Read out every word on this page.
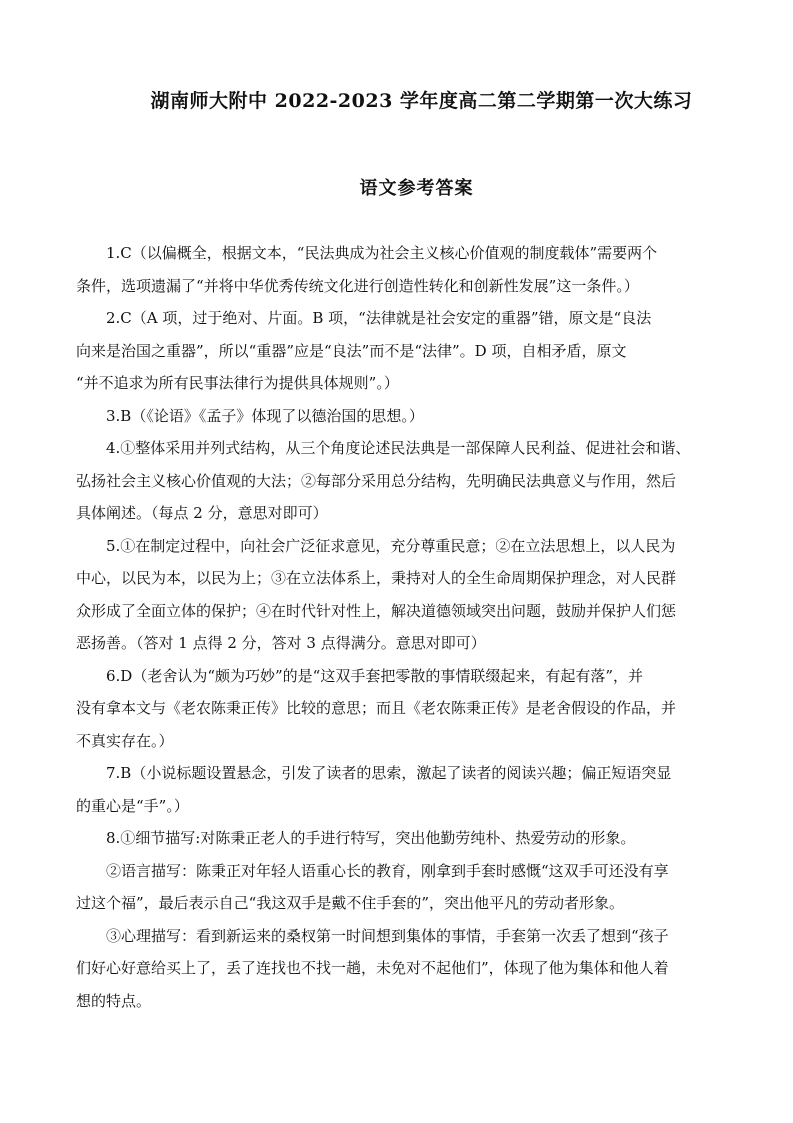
湖南师大附中 2022-2023 学年度高二第二学期第一次大练习
语文参考答案
1.C（以偏概全，根据文本，“民法典成为社会主义核心价值观的制度载体”需要两个
条件，选项遗漏了“并将中华优秀传统文化进行创造性转化和创新性发展”这一条件。）
2.C（A 项，过于绝对、片面。B 项，“法律就是社会安定的重器”错，原文是“良法
向来是治国之重器”，所以“重器”应是“良法”而不是“法律”。D 项，自相矛盾，原文
“并不追求为所有民事法律行为提供具体规则”。）
3.B（《论语》《孟子》体现了以德治国的思想。）
4.①整体采用并列式结构，从三个角度论述民法典是一部保障人民利益、促进社会和谐、
弘扬社会主义核心价值观的大法；②每部分采用总分结构，先明确民法典意义与作用，然后
具体阐述。（每点 2 分，意思对即可）
5.①在制定过程中，向社会广泛征求意见，充分尊重民意；②在立法思想上，以人民为
中心，以民为本，以民为上；③在立法体系上，秉持对人的全生命周期保护理念，对人民群
众形成了全面立体的保护；④在时代针对性上，解决道德领域突出问题，鼓励并保护人们惩
恶扬善。（答对 1 点得 2 分，答对 3 点得满分。意思对即可）
6.D（老舍认为“颇为巧妙”的是“这双手套把零散的事情联缀起来，有起有落”，并
没有拿本文与《老农陈秉正传》比较的意思；而且《老农陈秉正传》是老舍假设的作品，并
不真实存在。）
7.B（小说标题设置悬念，引发了读者的思索，激起了读者的阅读兴趣；偏正短语突显
的重心是“手”。）
8.①细节描写:对陈秉正老人的手进行特写，突出他勤劳纯朴、热爱劳动的形象。
②语言描写：陈秉正对年轻人语重心长的教育，刚拿到手套时感慨“这双手可还没有享
过这个福”，最后表示自己“我这双手是戴不住手套的”，突出他平凡的劳动者形象。
③心理描写：看到新运来的桑杈第一时间想到集体的事情，手套第一次丢了想到“孩子
们好心好意给买上了，丢了连找也不找一趟，未免对不起他们”，体现了他为集体和他人着
想的特点。
